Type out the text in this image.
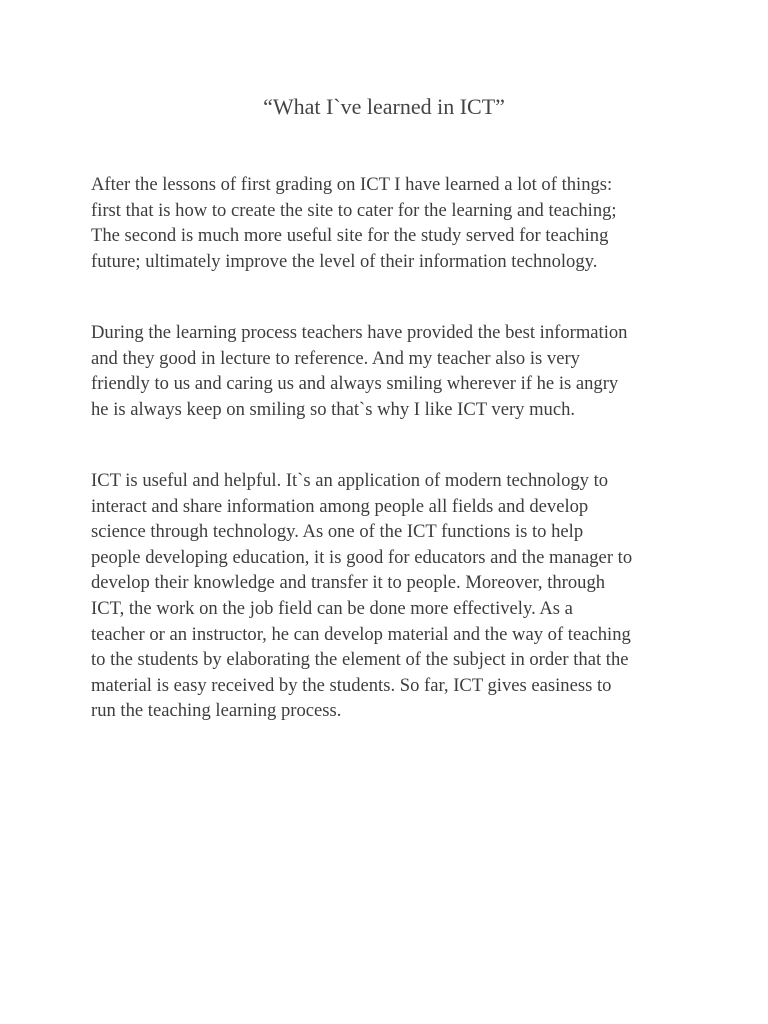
“What I`ve learned in ICT”

After the lessons of first grading on ICT I have learned a lot of things:
first that is how to create the site to cater for the learning and teaching;
The second is much more useful site for the study served for teaching
future; ultimately improve the level of their information technology.

During the learning process teachers have provided the best information
and they good in lecture to reference. And my teacher also is very
friendly to us and caring us and always smiling wherever if he is angry
he is always keep on smiling so that`s why I like ICT very much.

ICT is useful and helpful. It`s an application of modern technology to
interact and share information among people all fields and develop
science through technology. As one of the ICT functions is to help
people developing education, it is good for educators and the manager to
develop their knowledge and transfer it to people. Moreover, through
ICT, the work on the job field can be done more effectively. As a
teacher or an instructor, he can develop material and the way of teaching
to the students by elaborating the element of the subject in order that the
material is easy received by the students. So far, ICT gives easiness to
run the teaching learning process.
